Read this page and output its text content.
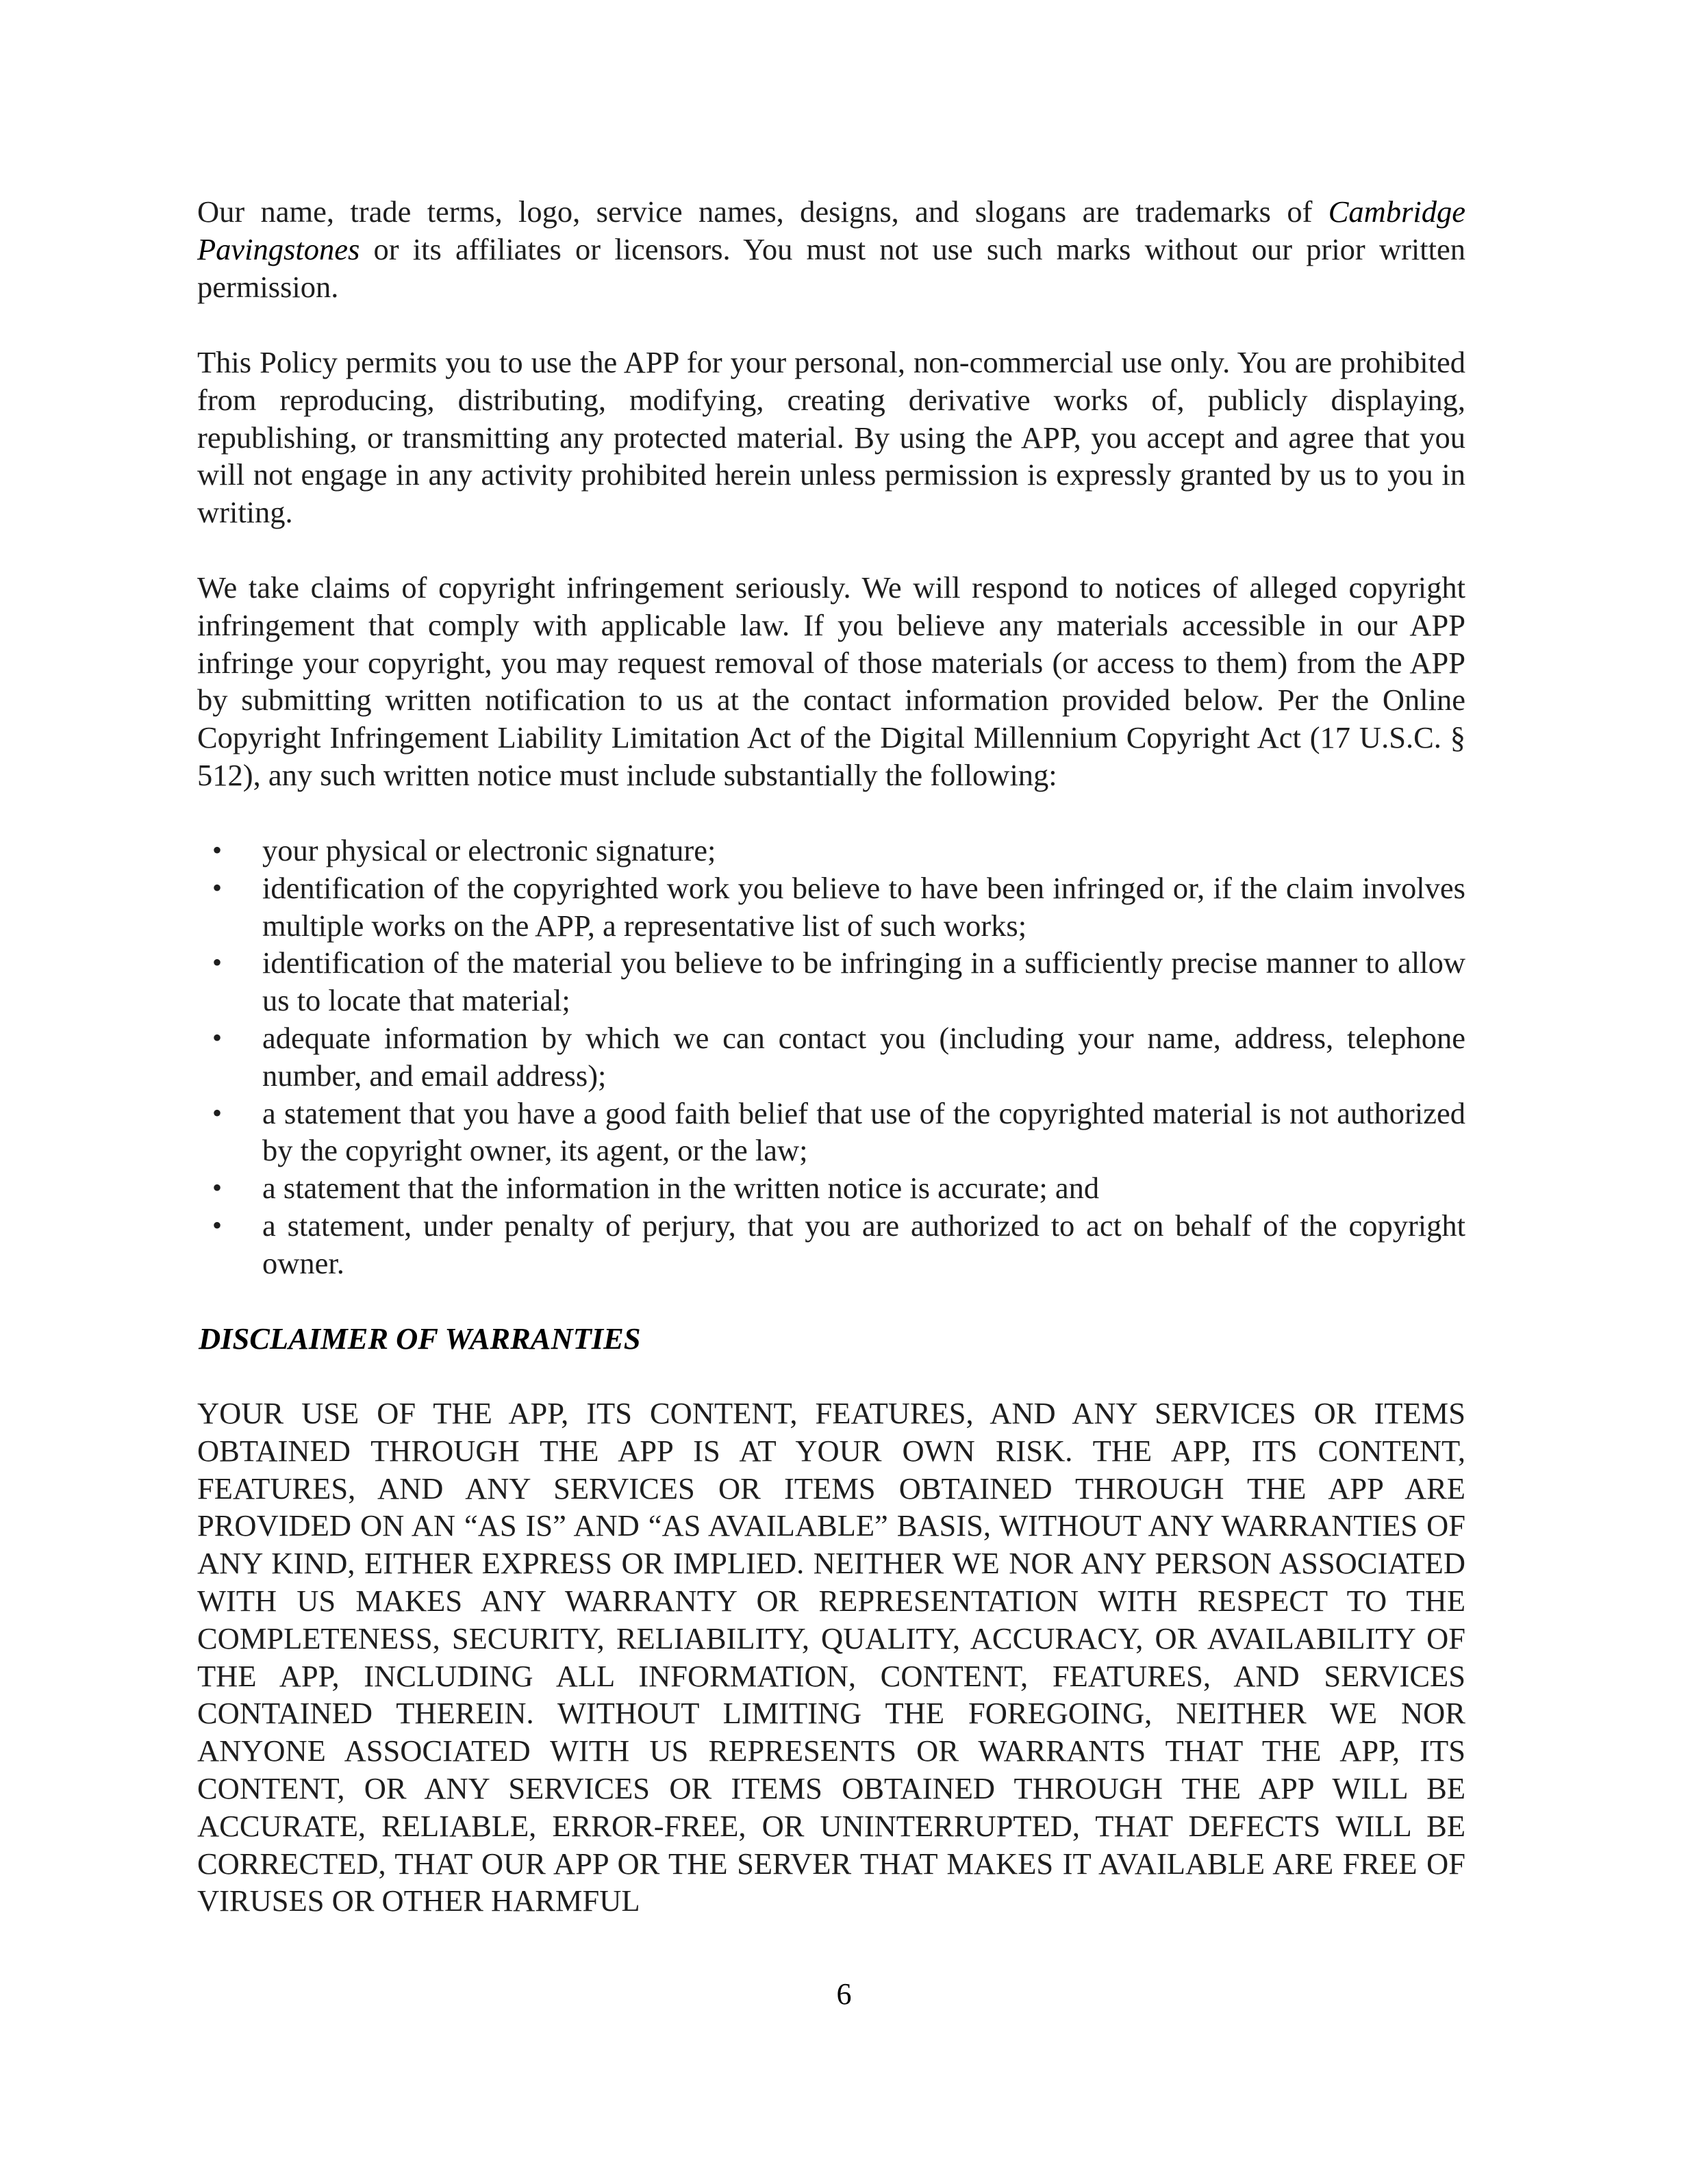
Our name, trade terms, logo, service names, designs, and slogans are trademarks of Cambridge Pavingstones or its affiliates or licensors. You must not use such marks without our prior written permission.

This Policy permits you to use the APP for your personal, non-commercial use only. You are prohibited from reproducing, distributing, modifying, creating derivative works of, publicly displaying, republishing, or transmitting any protected material. By using the APP, you accept and agree that you will not engage in any activity prohibited herein unless permission is expressly granted by us to you in writing.

We take claims of copyright infringement seriously. We will respond to notices of alleged copyright infringement that comply with applicable law. If you believe any materials accessible in our APP infringe your copyright, you may request removal of those materials (or access to them) from the APP by submitting written notification to us at the contact information provided below. Per the Online Copyright Infringement Liability Limitation Act of the Digital Millennium Copyright Act (17 U.S.C. § 512), any such written notice must include substantially the following:

• your physical or electronic signature;
• identification of the copyrighted work you believe to have been infringed or, if the claim involves multiple works on the APP, a representative list of such works;
• identification of the material you believe to be infringing in a sufficiently precise manner to allow us to locate that material;
• adequate information by which we can contact you (including your name, address, telephone number, and email address);
• a statement that you have a good faith belief that use of the copyrighted material is not authorized by the copyright owner, its agent, or the law;
• a statement that the information in the written notice is accurate; and
• a statement, under penalty of perjury, that you are authorized to act on behalf of the copyright owner.
DISCLAIMER OF WARRANTIES

YOUR USE OF THE APP, ITS CONTENT, FEATURES, AND ANY SERVICES OR ITEMS OBTAINED THROUGH THE APP IS AT YOUR OWN RISK. THE APP, ITS CONTENT, FEATURES, AND ANY SERVICES OR ITEMS OBTAINED THROUGH THE APP ARE PROVIDED ON AN “AS IS” AND “AS AVAILABLE” BASIS, WITHOUT ANY WARRANTIES OF ANY KIND, EITHER EXPRESS OR IMPLIED. NEITHER WE NOR ANY PERSON ASSOCIATED WITH US MAKES ANY WARRANTY OR REPRESENTATION WITH RESPECT TO THE COMPLETENESS, SECURITY, RELIABILITY, QUALITY, ACCURACY, OR AVAILABILITY OF THE APP, INCLUDING ALL INFORMATION, CONTENT, FEATURES, AND SERVICES CONTAINED THEREIN. WITHOUT LIMITING THE FOREGOING, NEITHER WE NOR ANYONE ASSOCIATED WITH US REPRESENTS OR WARRANTS THAT THE APP, ITS CONTENT, OR ANY SERVICES OR ITEMS OBTAINED THROUGH THE APP WILL BE ACCURATE, RELIABLE, ERROR-FREE, OR UNINTERRUPTED, THAT DEFECTS WILL BE CORRECTED, THAT OUR APP OR THE SERVER THAT MAKES IT AVAILABLE ARE FREE OF VIRUSES OR OTHER HARMFUL

6
